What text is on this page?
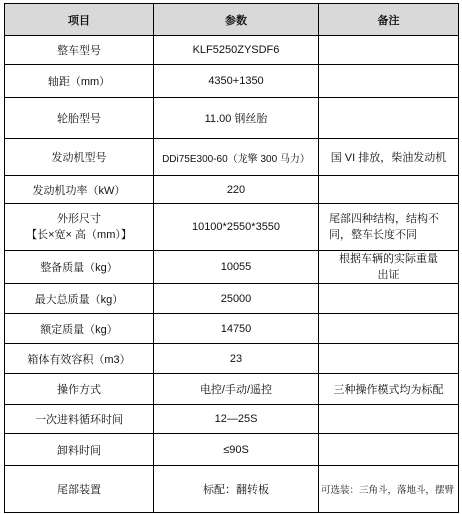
项目	参数	备注
整车型号	KLF5250ZYSDF6	
轴距（mm）	4350+1350	
轮胎型号	11.00 钢丝胎	
发动机型号	DDi75E300-60（龙擎 300 马力）	国 VI 排放，柴油发动机
发动机功率（kW）	220	

外形尺寸
【长×宽× 高（mm）】	10100*2550*3550	尾部四种结构，结构不
同，整车长度不同

整备质量（kg）	10055	根据车辆的实际重量
出证

最大总质量（kg）	25000	
额定质量（kg）	14750	
箱体有效容积（m3）	23	
操作方式	电控/手动/遥控	三种操作模式均为标配
一次进料循环时间	12—25S	
卸料时间	≤90S	
尾部装置	标配：翻转板	可选装：三角斗，落地斗，摆臂
